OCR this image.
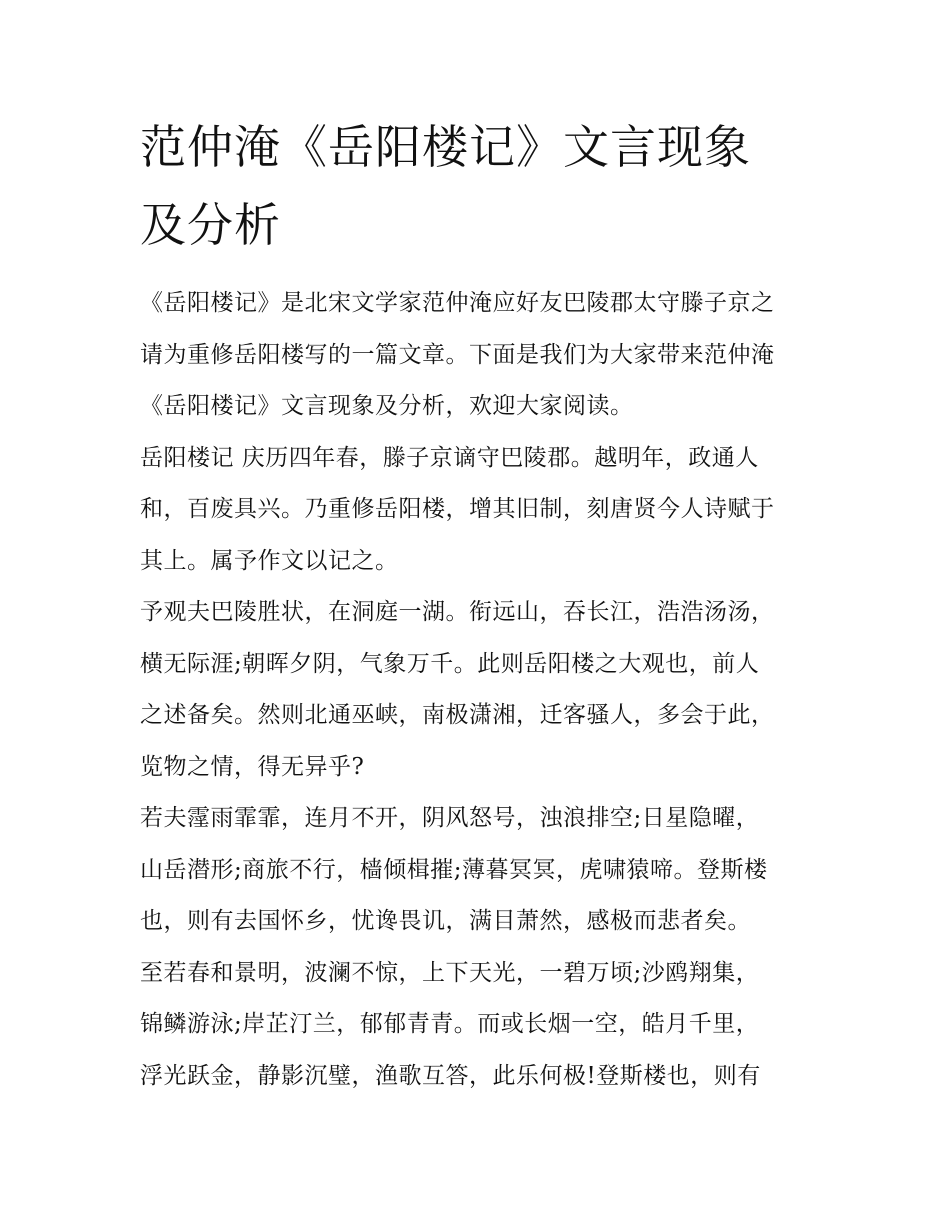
范仲淹《岳阳楼记》文言现象
及分析

《岳阳楼记》是北宋文学家范仲淹应好友巴陵郡太守滕子京之
请为重修岳阳楼写的一篇文章。下面是我们为大家带来范仲淹
《岳阳楼记》文言现象及分析，欢迎大家阅读。

岳阳楼记 庆历四年春，滕子京谪守巴陵郡。越明年，政通人
和，百废具兴。乃重修岳阳楼，增其旧制，刻唐贤今人诗赋于
其上。属予作文以记之。

予观夫巴陵胜状，在洞庭一湖。衔远山，吞长江，浩浩汤汤，
横无际涯;朝晖夕阴，气象万千。此则岳阳楼之大观也，前人
之述备矣。然则北通巫峡，南极潇湘，迁客骚人，多会于此，
览物之情，得无异乎?

若夫霪雨霏霏，连月不开，阴风怒号，浊浪排空;日星隐曜，
山岳潜形;商旅不行，樯倾楫摧;薄暮冥冥，虎啸猿啼。登斯楼
也，则有去国怀乡，忧谗畏讥，满目萧然，感极而悲者矣。

至若春和景明，波澜不惊，上下天光，一碧万顷;沙鸥翔集，
锦鳞游泳;岸芷汀兰，郁郁青青。而或长烟一空，皓月千里，
浮光跃金，静影沉璧，渔歌互答，此乐何极!登斯楼也，则有
